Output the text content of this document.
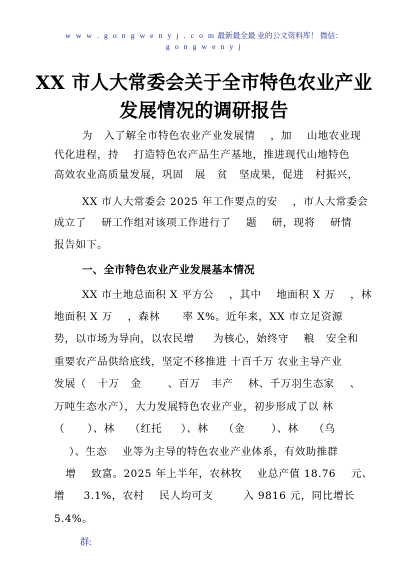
w w w . g o n g w e n y j . c o m 最新最全最 业的公文资料库！ 微信：
g o n g w e n y j
XX 市人大常委会关于全市特色农业产业
发展情况的调研报告

为   入了解全市特色农业产业发展情    ，加    山地农业现

代化进程，持    打造特色农产品生产基地，推进现代山地特色

高效农业高质量发展，巩固   展   贫   坚成果，促进   村振兴，

XX 市人大常委会 2025 年工作要点的安    ，市人大常委会

成立了    研工作组对该项工作进行了    题    研，现将    研情

报告如下。

一、全市特色农业产业发展基本情况

XX 市土地总面积 X 平方公    ，其中    地面积 X 万    ，林

地面积 X 万    ，森林      率 X%。近年来，XX 市立足资源

势，以市场为导向，以农民增     为核心，始终守    粮   安全和

重要农产品供给底线，坚定不移推进 十百千万 农业主导产业

发展（   十万   金       、百万   丰产    林、千万羽生态家    、

万吨生态水产），大力发展特色农业产业，初步形成了以 林

（      ）、林    （红托     ）、林    （金       ）、林    （乌

）、生态    业等为主导的特色农业产业体系，有效助推群

增    致富。2025 年上半年，农林牧    业总产值 18.76    元、

增     3.1%，农村    民人均可支        入 9816 元，同比增长

5.4%。

群:
